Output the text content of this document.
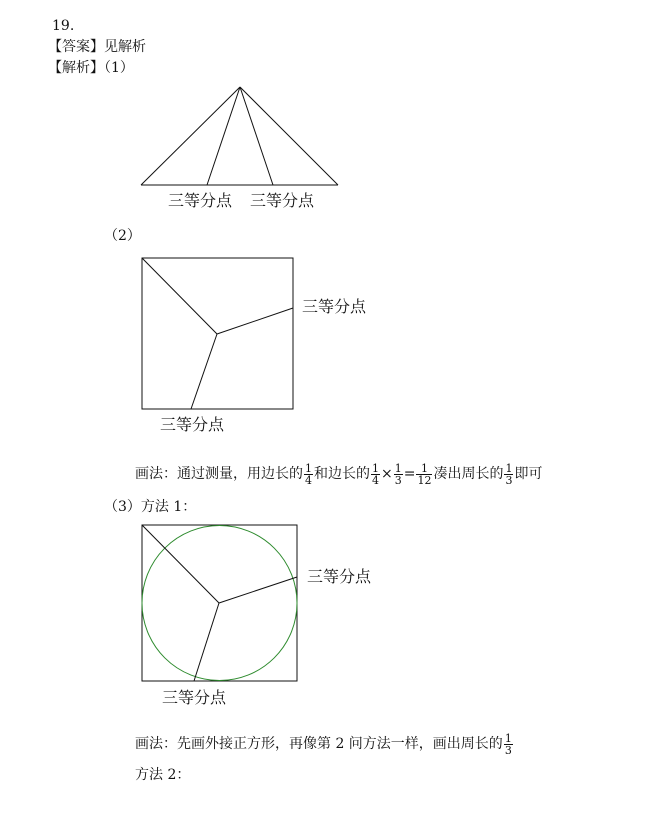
19.
【答案】见解析
【解析】（1）
三等分点 三等分点
（2）
三等分点
三等分点
画法：通过测量，用边长的 $\frac{1}{4}$ 和边长的 $\frac{1}{4} \times \frac{1}{3} = \frac{1}{12}$ 凑出周长的 $\frac{1}{3}$ 即可
（3）方法 1：
三等分点
三等分点
画法：先画外接正方形，再像第 2 问方法一样，画出周长的 $\frac{1}{3}$
方法 2：
